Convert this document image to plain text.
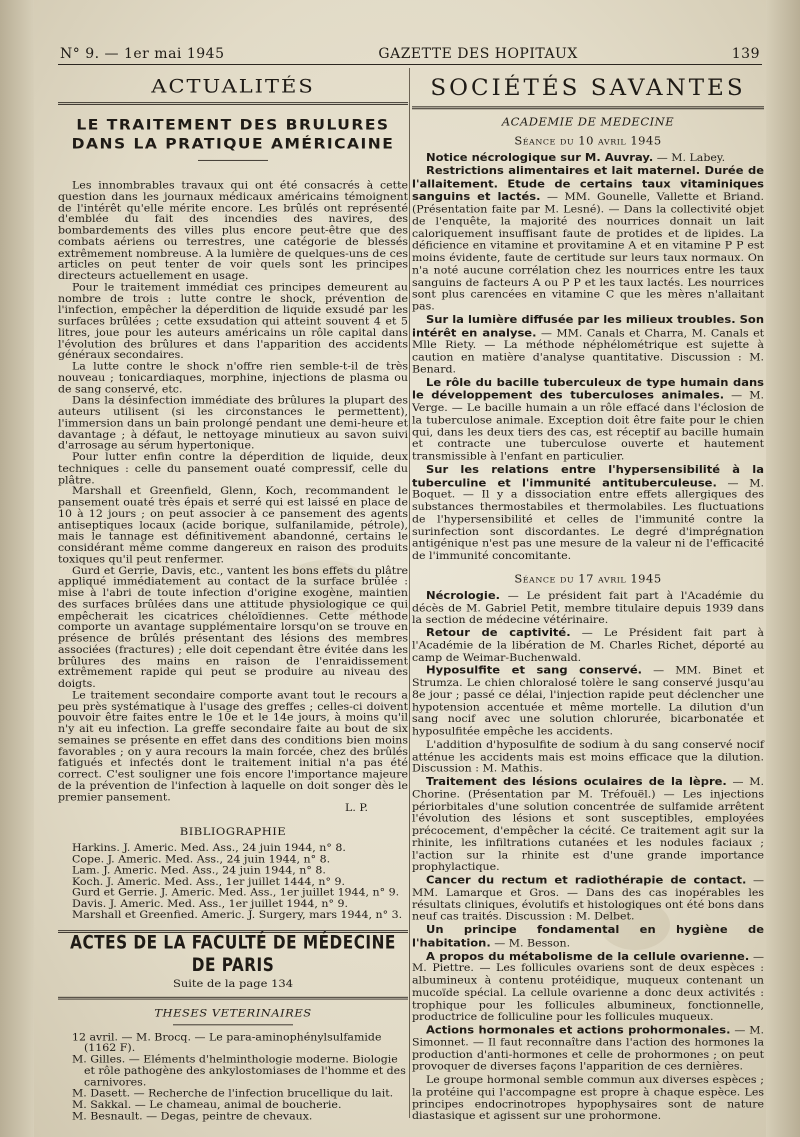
N° 9. — 1er mai 1945	GAZETTE DES HOPITAUX	139
ACTUALITÉS
LE TRAITEMENT DES BRULURES
DANS LA PRATIQUE AMÉRICAINE

Les innombrables travaux qui ont été consacrés à cette question dans les journaux médicaux américains témoignent de l'intérêt qu'elle mérite encore. Les brûlés ont représenté d'emblée du fait des incendies des navires, des bombardements des villes plus encore peut-être que des combats aériens ou terrestres, une catégorie de blessés extrêmement nombreuse. A la lumière de quelques-uns de ces articles on peut tenter de voir quels sont les principes directeurs actuellement en usage.

Pour le traitement immédiat ces principes demeurent au nombre de trois : lutte contre le shock, prévention de l'infection, empêcher la déperdition de liquide exsudé par les surfaces brûlées ; cette exsudation qui atteint souvent 4 et 5 litres, joue pour les auteurs américains un rôle capital dans l'évolution des brûlures et dans l'apparition des accidents généraux secondaires.

La lutte contre le shock n'offre rien semble-t-il de très nouveau ; tonicardiaques, morphine, injections de plasma ou de sang conservé, etc.

Dans la désinfection immédiate des brûlures la plupart des auteurs utilisent (si les circonstances le permettent), l'immersion dans un bain prolongé pendant une demi-heure et davantage ; à défaut, le nettoyage minutieux au savon suivi d'arrosage au sérum hypertonique.

Pour lutter enfin contre la déperdition de liquide, deux techniques : celle du pansement ouaté compressif, celle du plâtre.

Marshall et Greenfield, Glenn, Koch, recommandent le pansement ouaté très épais et serré qui est laissé en place de 10 à 12 jours ; on peut associer à ce pansement des agents antiseptiques locaux (acide borique, sulfanilamide, pétrole), mais le tannage est définitivement abandonné, certains le considérant même comme dangereux en raison des produits toxiques qu'il peut renfermer.

Gurd et Gerrie, Davis, etc., vantent les bons effets du plâtre appliqué immédiatement au contact de la surface brûlée : mise à l'abri de toute infection d'origine exogène, maintien des surfaces brûlées dans une attitude physiologique ce qui empêcherait les cicatrices chéloïdiennes. Cette méthode comporte un avantage supplémentaire lorsqu'on se trouve en présence de brûlés présentant des lésions des membres associées (fractures) ; elle doit cependant être évitée dans les brûlures des mains en raison de l'enraidissement extrêmement rapide qui peut se produire au niveau des doigts.

Le traitement secondaire comporte avant tout le recours a peu près systématique à l'usage des greffes ; celles-ci doivent pouvoir être faites entre le 10e et le 14e jours, à moins qu'il n'y ait eu infection. La greffe secondaire faite au bout de six semaines se présente en effet dans des conditions bien moins favorables ; on y aura recours la main forcée, chez des brûlés fatigués et infectés dont le traitement initial n'a pas été correct. C'est souligner une fois encore l'importance majeure de la prévention de l'infection à laquelle on doit songer dès le premier pansement.

L. P.

BIBLIOGRAPHIE
Harkins. J. Americ. Med. Ass., 24 juin 1944, n° 8.
Cope. J. Americ. Med. Ass., 24 juin 1944, n° 8.
Lam. J. Americ. Med. Ass., 24 juin 1944, n° 8.
Koch. J. Americ. Med. Ass., 1er juillet 1444, n° 9.
Gurd et Gerrie. J. Americ. Med. Ass., 1er juillet 1944, n° 9.
Davis. J. Americ. Med. Ass., 1er juillet 1944, n° 9.
Marshall et Greenfied. Americ. J. Surgery, mars 1944, n° 3.
ACTES DE LA FACULTÉ DE MÉDECINE DE PARIS
Suite de la page 134
THESES VETERINAIRES
12 avril. — M. Brocq. — Le para-aminophénylsulfamide (1162 F).
M. Gilles. — Eléments d'helminthologie moderne. Biologie et rôle pathogène des ankylostomiases de l'homme et des carnivores.
M. Dasett. — Recherche de l'infection brucellique du lait.
M. Sakkal. — Le chameau, animal de boucherie.
M. Besnault. — Degas, peintre de chevaux.
SOCIÉTÉS SAVANTES
ACADEMIE DE MEDECINE
Séance du 10 avril 1945

Notice nécrologique sur M. Auvray. — M. Labey.

Restrictions alimentaires et lait maternel. Durée de l'allaitement. Etude de certains taux vitaminiques sanguins et lactés. — MM. Gounelle, Vallette et Briand. (Présentation faite par M. Lesné). — Dans la collectivité objet de l'enquête, la majorité des nourrices donnait un lait caloriquement insuffisant faute de protides et de lipides. La déficience en vitamine et provitamine A et en vitamine P P est moins évidente, faute de certitude sur leurs taux normaux. On n'a noté aucune corrélation chez les nourrices entre les taux sanguins de facteurs A ou P P et les taux lactés. Les nourrices sont plus carencées en vitamine C que les mères n'allaitant pas.

Sur la lumière diffusée par les milieux troubles. Son intérêt en analyse. — MM. Canals et Charra, M. Canals et Mlle Riety. — La méthode néphélométrique est sujette à caution en matière d'analyse quantitative. Discussion : M. Benard.

Le rôle du bacille tuberculeux de type humain dans le développement des tuberculoses animales. — M. Verge. — Le bacille humain a un rôle effacé dans l'éclosion de la tuberculose animale. Exception doit être faite pour le chien qui, dans les deux tiers des cas, est réceptif au bacille humain et contracte une tuberculose ouverte et hautement transmissible à l'enfant en particulier.

Sur les relations entre l'hypersensibilité à la tuberculine et l'immunité antituberculeuse. — M. Boquet. — Il y a dissociation entre effets allergiques des substances thermostabiles et thermolabiles. Les fluctuations de l'hypersensibilité et celles de l'immunité contre la surinfection sont discordantes. Le degré d'imprégnation antigénique n'est pas une mesure de la valeur ni de l'efficacité de l'immunité concomitante.

Séance du 17 avril 1945

Nécrologie. — Le président fait part à l'Académie du décès de M. Gabriel Petit, membre titulaire depuis 1939 dans la section de médecine vétérinaire.

Retour de captivité. — Le Président fait part à l'Académie de la libération de M. Charles Richet, déporté au camp de Weimar-Buchenwald.

Hyposulfite et sang conservé. — MM. Binet et Strumza. Le chien chloralosé tolère le sang conservé jusqu'au 8e jour ; passé ce délai, l'injection rapide peut déclencher une hypotension accentuée et même mortelle. La dilution d'un sang nocif avec une solution chlorurée, bicarbonatée et hyposulfitée empêche les accidents.

L'addition d'hyposulfite de sodium à du sang conservé nocif atténue les accidents mais est moins efficace que la dilution. Discussion : M. Mathis.

Traitement des lésions oculaires de la lèpre. — M. Chorine. (Présentation par M. Tréfouël.) — Les injections périorbitales d'une solution concentrée de sulfamide arrêtent l'évolution des lésions et sont susceptibles, employées précocement, d'empêcher la cécité. Ce traitement agit sur la rhinite, les infiltrations cutanées et les nodules faciaux ; l'action sur la rhinite est d'une grande importance prophylactique.

Cancer du rectum et radiothérapie de contact. — MM. Lamarque et Gros. — Dans des cas inopérables les résultats cliniques, évolutifs et histologiques ont été bons dans neuf cas traités. Discussion : M. Delbet.

Un principe fondamental en hygiène de l'habitation. — M. Besson.

A propos du métabolisme de la cellule ovarienne. — M. Piettre. — Les follicules ovariens sont de deux espèces : albumineux à contenu protéidique, muqueux contenant un mucoïde spécial. La cellule ovarienne a donc deux activités : trophique pour les follicules albumineux, fonctionnelle, productrice de folliculine pour les follicules muqueux.

Actions hormonales et actions prohormonales. — M. Simonnet. — Il faut reconnaître dans l'action des hormones la production d'anti-hormones et celle de prohormones ; on peut provoquer de diverses façons l'apparition de ces dernières.

Le groupe hormonal semble commun aux diverses espèces ; la protéine qui l'accompagne est propre à chaque espèce. Les principes endocrinotropes hypophysaires sont de nature diastasique et agissent sur une prohormone.
